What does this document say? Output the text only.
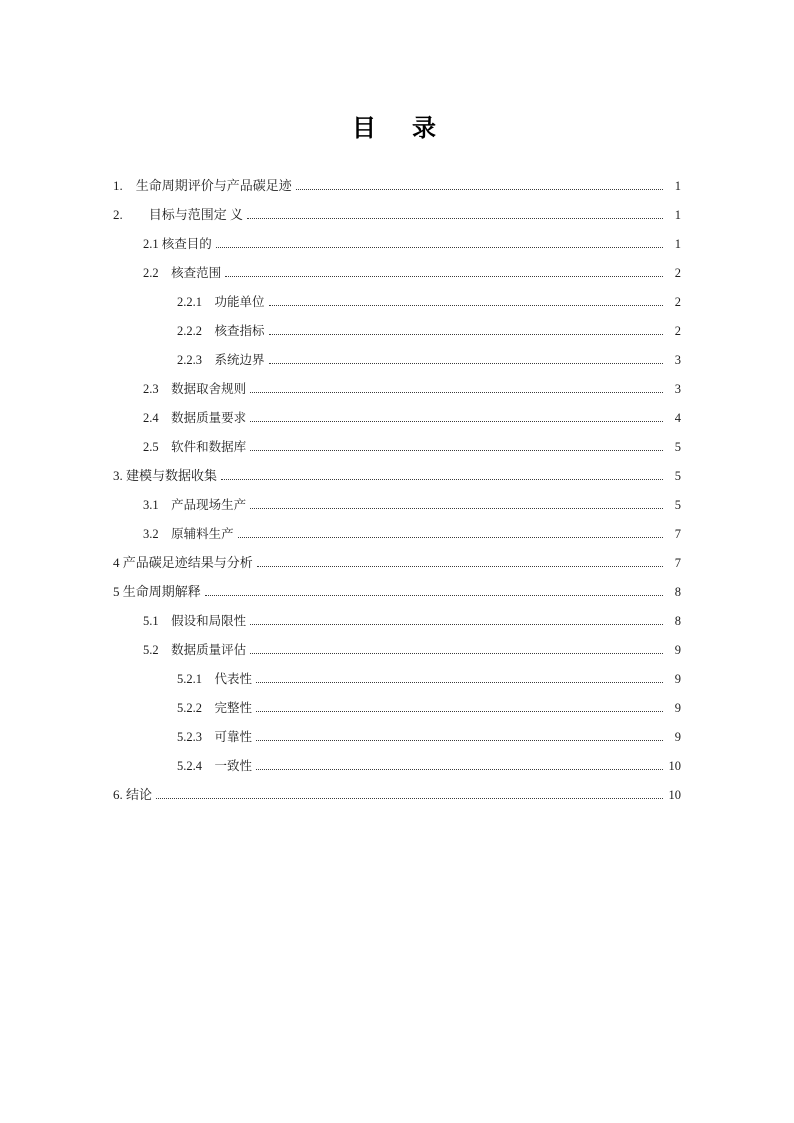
目　录
1.　生命周期评价与产品碳足迹	1
2.　　目标与范围定 义	1
2.1 核查目的	1
2.2　核查范围	2
2.2.1　功能单位	2
2.2.2　核查指标	2
2.2.3　系统边界	3
2.3　数据取舍规则	3
2.4　数据质量要求	4
2.5　软件和数据库	5
3. 建模与数据收集	5
3.1　产品现场生产	5
3.2　原辅料生产	7
4 产品碳足迹结果与分析	7
5 生命周期解释	8
5.1　假设和局限性	8
5.2　数据质量评估	9
5.2.1　代表性	9
5.2.2　完整性	9
5.2.3　可靠性	9
5.2.4　一致性	10
6. 结论	10
